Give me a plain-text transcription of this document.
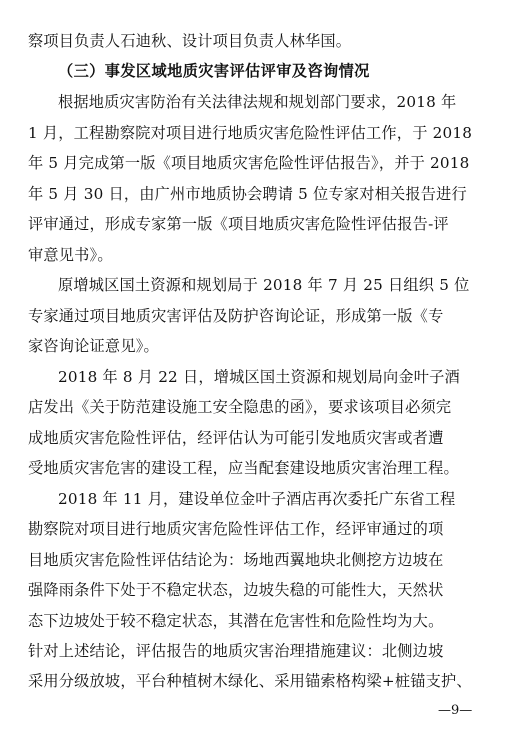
察项目负责人石迪秋、设计项目负责人林华国。
（三）事发区域地质灾害评估评审及咨询情况
根据地质灾害防治有关法律法规和规划部门要求，2018 年
1 月，工程勘察院对项目进行地质灾害危险性评估工作，于 2018
年 5 月完成第一版《项目地质灾害危险性评估报告》，并于 2018
年 5 月 30 日，由广州市地质协会聘请 5 位专家对相关报告进行
评审通过，形成专家第一版《项目地质灾害危险性评估报告-评
审意见书》。
原增城区国土资源和规划局于 2018 年 7 月 25 日组织 5 位
专家通过项目地质灾害评估及防护咨询论证，形成第一版《专
家咨询论证意见》。
2018 年 8 月 22 日，增城区国土资源和规划局向金叶子酒
店发出《关于防范建设施工安全隐患的函》，要求该项目必须完
成地质灾害危险性评估，经评估认为可能引发地质灾害或者遭
受地质灾害危害的建设工程，应当配套建设地质灾害治理工程。
2018 年 11 月，建设单位金叶子酒店再次委托广东省工程
勘察院对项目进行地质灾害危险性评估工作，经评审通过的项
目地质灾害危险性评估结论为：场地西翼地块北侧挖方边坡在
强降雨条件下处于不稳定状态，边坡失稳的可能性大，天然状
态下边坡处于较不稳定状态，其潜在危害性和危险性均为大。
针对上述结论，评估报告的地质灾害治理措施建议：北侧边坡
采用分级放坡，平台种植树木绿化、采用锚索格构梁+桩锚支护、
—9—
